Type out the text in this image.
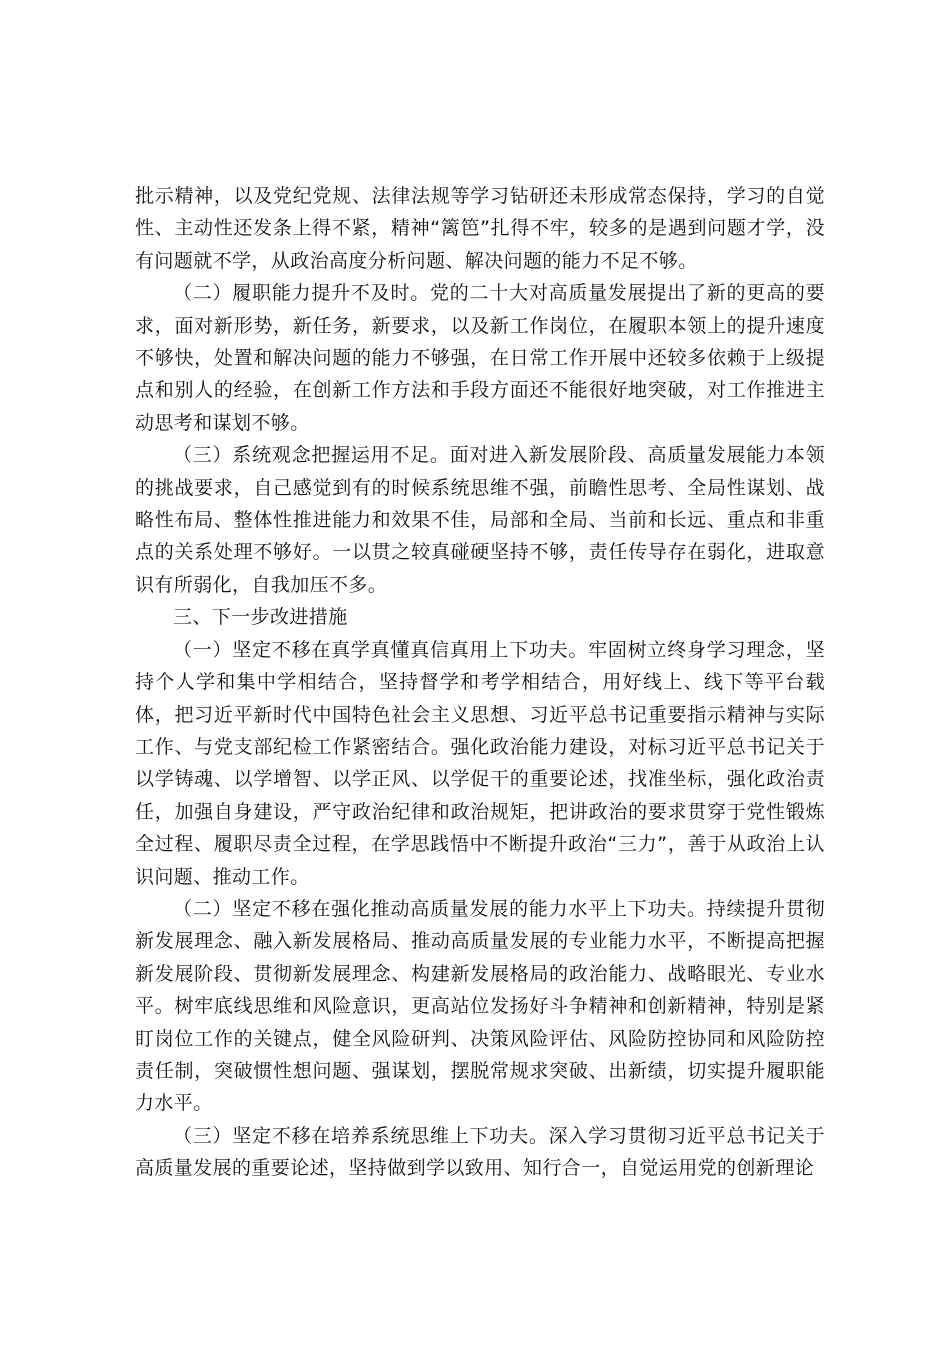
批示精神，以及党纪党规、法律法规等学习钻研还未形成常态保持，学习的自觉性、主动性还发条上得不紧，精神“篱笆”扎得不牢，较多的是遇到问题才学，没有问题就不学，从政治高度分析问题、解决问题的能力不足不够。

（二）履职能力提升不及时。党的二十大对高质量发展提出了新的更高的要求，面对新形势，新任务，新要求，以及新工作岗位，在履职本领上的提升速度不够快，处置和解决问题的能力不够强，在日常工作开展中还较多依赖于上级提点和别人的经验，在创新工作方法和手段方面还不能很好地突破，对工作推进主动思考和谋划不够。

（三）系统观念把握运用不足。面对进入新发展阶段、高质量发展能力本领的挑战要求，自己感觉到有的时候系统思维不强，前瞻性思考、全局性谋划、战略性布局、整体性推进能力和效果不佳，局部和全局、当前和长远、重点和非重点的关系处理不够好。一以贯之较真碰硬坚持不够，责任传导存在弱化，进取意识有所弱化，自我加压不多。

三、下一步改进措施

（一）坚定不移在真学真懂真信真用上下功夫。牢固树立终身学习理念，坚持个人学和集中学相结合，坚持督学和考学相结合，用好线上、线下等平台载体，把习近平新时代中国特色社会主义思想、习近平总书记重要指示精神与实际工作、与党支部纪检工作紧密结合。强化政治能力建设，对标习近平总书记关于以学铸魂、以学增智、以学正风、以学促干的重要论述，找准坐标，强化政治责任，加强自身建设，严守政治纪律和政治规矩，把讲政治的要求贯穿于党性锻炼全过程、履职尽责全过程，在学思践悟中不断提升政治“三力”，善于从政治上认识问题、推动工作。

（二）坚定不移在强化推动高质量发展的能力水平上下功夫。持续提升贯彻新发展理念、融入新发展格局、推动高质量发展的专业能力水平，不断提高把握新发展阶段、贯彻新发展理念、构建新发展格局的政治能力、战略眼光、专业水平。树牢底线思维和风险意识，更高站位发扬好斗争精神和创新精神，特别是紧盯岗位工作的关键点，健全风险研判、决策风险评估、风险防控协同和风险防控责任制，突破惯性想问题、强谋划，摆脱常规求突破、出新绩，切实提升履职能力水平。

（三）坚定不移在培养系统思维上下功夫。深入学习贯彻习近平总书记关于高质量发展的重要论述，坚持做到学以致用、知行合一，自觉运用党的创新理论
